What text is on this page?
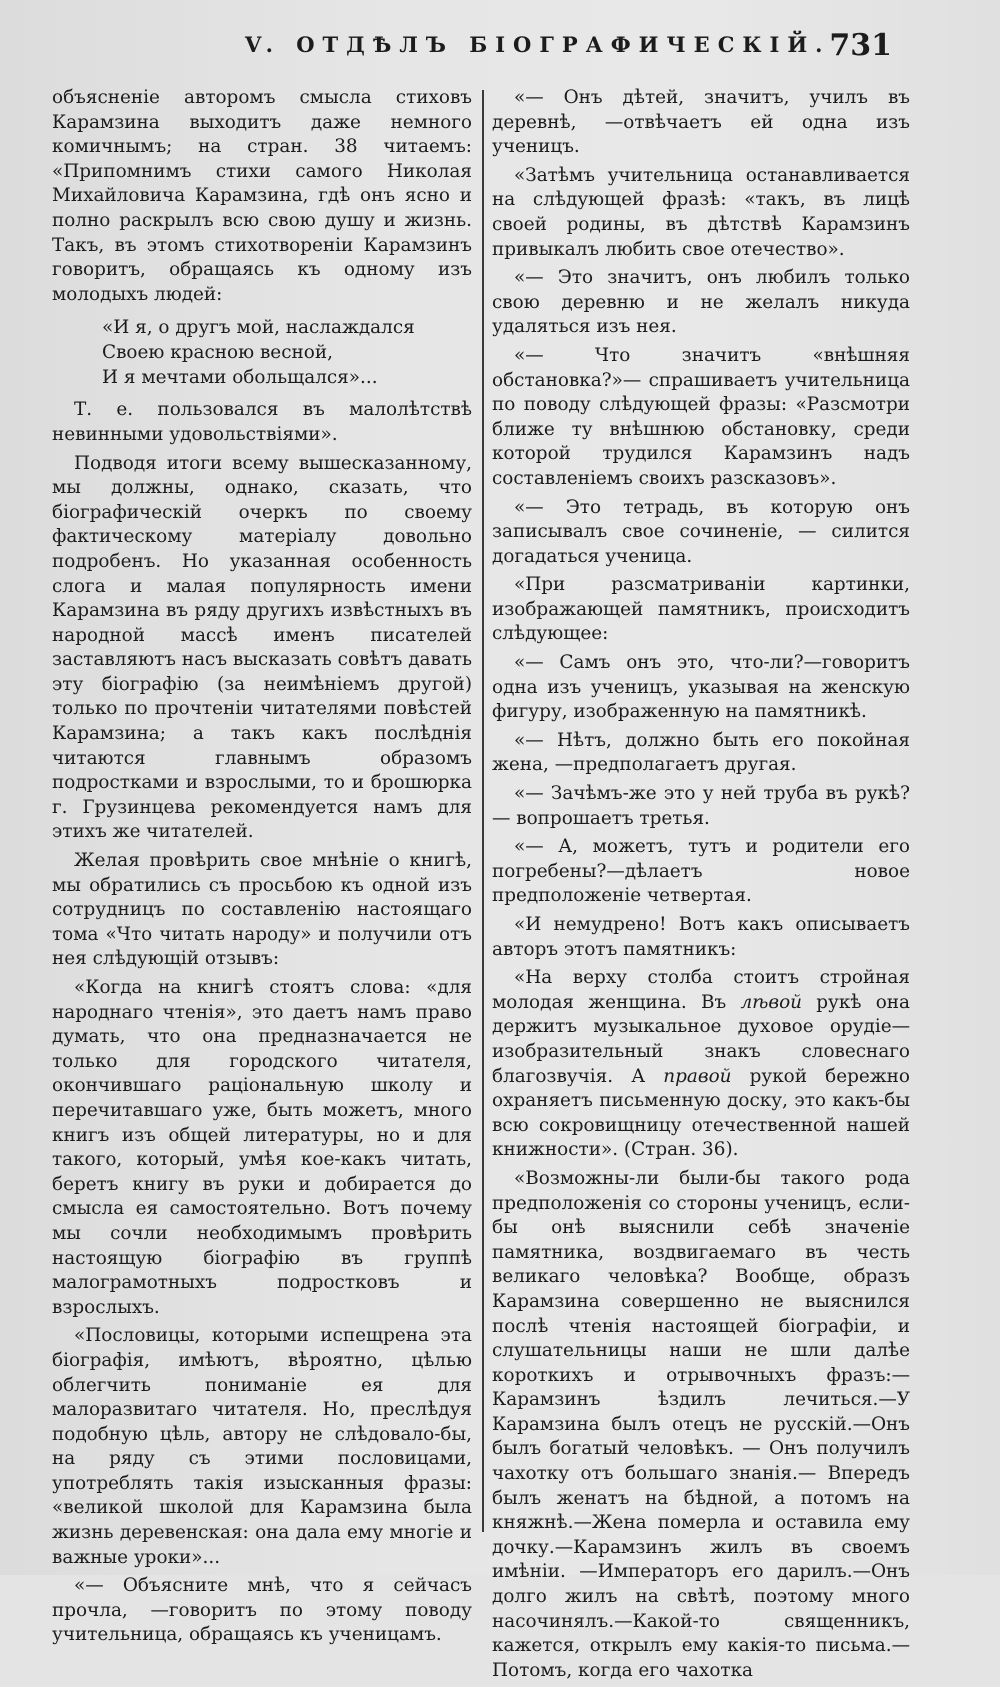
V. ОТДѢЛЪ БІОГРАФИЧЕСКІЙ.
731

объясненіе авторомъ смысла стиховъ Карамзина выходитъ даже немного комичнымъ; на стран. 38 читаемъ: «Припомнимъ стихи самого Николая Михайловича Карамзина, гдѣ онъ ясно и полно раскрылъ всю свою душу и жизнь. Такъ, въ этомъ стихотвореніи Карамзинъ говоритъ, обращаясь къ одному изъ молодыхъ людей:

«И я, о другъ мой, наслаждался
Своею красною весной,
И я мечтами обольщался»...

Т. е. пользовался въ малолѣтствѣ невинными удовольствіями».

Подводя итоги всему вышесказанному, мы должны, однако, сказать, что біографическій очеркъ по своему фактическому матеріалу довольно подробенъ. Но указанная особенность слога и малая популярность имени Карамзина въ ряду другихъ извѣстныхъ въ народной массѣ именъ писателей заставляютъ насъ высказать совѣтъ давать эту біографію (за неимѣніемъ другой) только по прочтеніи читателями повѣстей Карамзина; а такъ какъ послѣднія читаются главнымъ образомъ подростками и взрослыми, то и брошюрка г. Грузинцева рекомендуется намъ для этихъ же читателей.

Желая провѣрить свое мнѣніе о книгѣ, мы обратились съ просьбою къ одной изъ сотрудницъ по составленію настоящаго тома «Что читать народу» и получили отъ нея слѣдующій отзывъ:

«Когда на книгѣ стоятъ слова: «для народнаго чтенія», это даетъ намъ право думать, что она предназначается не только для городского читателя, окончившаго раціональную школу и перечитавшаго уже, быть можетъ, много книгъ изъ общей литературы, но и для такого, который, умѣя кое-какъ читать, беретъ книгу въ руки и добирается до смысла ея самостоятельно. Вотъ почему мы сочли необходимымъ провѣрить настоящую біографію въ группѣ малограмотныхъ подростковъ и взрослыхъ.

«Пословицы, которыми испещрена эта біографія, имѣютъ, вѣроятно, цѣлью облегчить пониманіе ея для малоразвитаго читателя. Но, преслѣдуя подобную цѣль, автору не слѣдовало-бы, на ряду съ этими пословицами, употреблять такія изысканныя фразы: «великой школой для Карамзина была жизнь деревенская: она дала ему многіе и важные уроки»...

«— Объясните мнѣ, что я сейчасъ прочла, —говоритъ по этому поводу учительница, обращаясь къ ученицамъ.

«— Онъ дѣтей, значитъ, училъ въ деревнѣ, —отвѣчаетъ ей одна изъ ученицъ.

«Затѣмъ учительница останавливается на слѣдующей фразѣ: «такъ, въ лицѣ своей родины, въ дѣтствѣ Карамзинъ привыкалъ любить свое отечество».

«— Это значитъ, онъ любилъ только свою деревню и не желалъ никуда удаляться изъ нея.

«— Что значитъ «внѣшняя обстановка?»— спрашиваетъ учительница по поводу слѣдующей фразы: «Разсмотри ближе ту внѣшнюю обстановку, среди которой трудился Карамзинъ надъ составленіемъ своихъ разсказовъ».

«— Это тетрадь, въ которую онъ записывалъ свое сочиненіе, — силится догадаться ученица.

«При разсматриваніи картинки, изображающей памятникъ, происходитъ слѣдующее:

«— Самъ онъ это, что-ли?—говоритъ одна изъ ученицъ, указывая на женскую фигуру, изображенную на памятникѣ.

«— Нѣтъ, должно быть его покойная жена, —предполагаетъ другая.

«— Зачѣмъ-же это у ней труба въ рукѣ?— вопрошаетъ третья.

«— А, можетъ, тутъ и родители его погребены?—дѣлаетъ новое предположеніе четвертая.

«И немудрено! Вотъ какъ описываетъ авторъ этотъ памятникъ:

«На верху столба стоитъ стройная молодая женщина. Въ лѣвой рукѣ она держитъ музыкальное духовое орудіе—изобразительный знакъ словеснаго благозвучія. А правой рукой бережно охраняетъ письменную доску, это какъ-бы всю сокровищницу отечественной нашей книжности». (Стран. 36).

«Возможны-ли были-бы такого рода предположенія со стороны ученицъ, если-бы онѣ выяснили себѣ значеніе памятника, воздвигаемаго въ честь великаго человѣка? Вообще, образъ Карамзина совершенно не выяснился послѣ чтенія настоящей біографіи, и слушательницы наши не шли далѣе короткихъ и отрывочныхъ фразъ:—Карамзинъ ѣздилъ лечиться.—У Карамзина былъ отецъ не русскій.—Онъ былъ богатый человѣкъ. — Онъ получилъ чахотку отъ большаго знанія.— Впередъ былъ женатъ на бѣдной, а потомъ на княжнѣ.—Жена померла и оставила ему дочку.—Карамзинъ жилъ въ своемъ имѣніи. —Императоръ его дарилъ.—Онъ долго жилъ на свѣтѣ, поэтому много насочинялъ.—Какой-то священникъ, кажется, открылъ ему какія-то письма.—Потомъ, когда его чахотка
